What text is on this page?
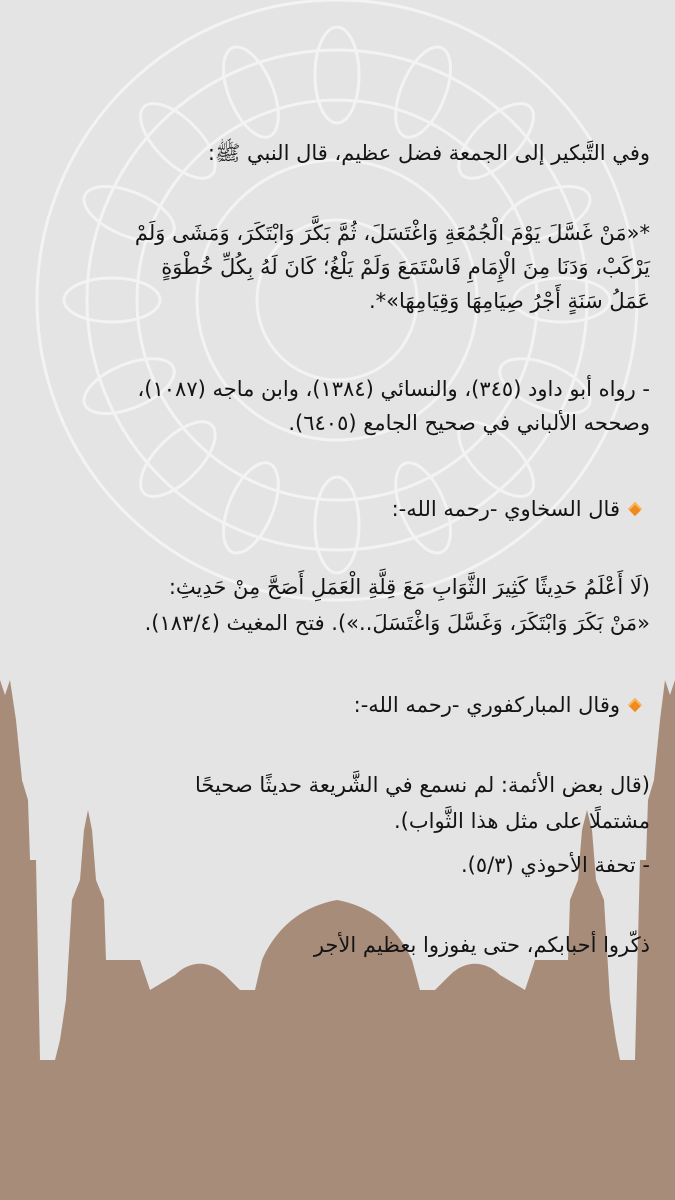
وفي التَّبكير إلى الجمعة فضل عظيم، قال النبي ﷺ:
*«مَنْ غَسَّلَ يَوْمَ الْجُمُعَةِ وَاغْتَسَلَ، ثُمَّ بَكَّرَ وَابْتَكَرَ، وَمَشَى وَلَمْ
يَرْكَبْ، وَدَنَا مِنَ الْإِمَامِ فَاسْتَمَعَ وَلَمْ يَلْغُ؛ كَانَ لَهُ بِكُلِّ خُطْوَةٍ
عَمَلُ سَنَةٍ أَجْرُ صِيَامِهَا وَقِيَامِهَا»*.
- رواه أبو داود (٣٤٥)، والنسائي (١٣٨٤)، وابن ماجه (١٠٨٧)،
وصححه الألباني في صحيح الجامع (٦٤٠٥).
قال السخاوي -رحمه الله-:
(لَا أَعْلَمُ حَدِيثًا كَثِيرَ الثَّوَابِ مَعَ قِلَّةِ الْعَمَلِ أَصَحَّ مِنْ حَدِيثِ:
«مَنْ بَكَرَ وَابْتَكَرَ، وَغَسَّلَ وَاغْتَسَلَ..»). فتح المغيث (١٨٣/٤).
وقال المباركفوري -رحمه الله-:
(قال بعض الأئمة: لم نسمع في الشَّريعة حديثًا صحيحًا
مشتملًا على مثل هذا الثَّواب).
- تحفة الأحوذي (٥/٣).
ذكّروا أحبابكم، حتى يفوزوا بعظيم الأجر
